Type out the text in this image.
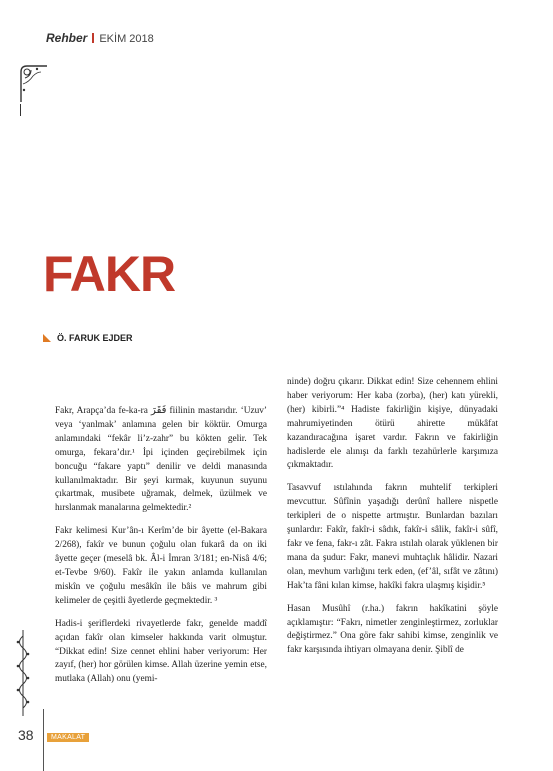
Rehber EKİM 2018
FAKR
Ö. FARUK EJDER

Fakr, Arapça’da fe-ka-ra فَقَرَ fiilinin mastarıdır. ‘Uzuv’ veya ‘yanlmak’ anlamına gelen bir köktür. Omurga anlamındaki “fekâr li’z-zahr” bu kökten gelir. Tek omurga, fekara’dır.¹ İpi içinden geçirebilmek için boncuğu “fakare yaptı” denilir ve deldi manasında kullanılmaktadır. Bir şeyi kırmak, kuyunun suyunu çıkartmak, musibete uğramak, delmek, üzülmek ve hırslanmak manalarına gelmektedir.²

Fakr kelimesi Kur’ân-ı Kerîm’de bir âyette (el-Bakara 2/268), fakîr ve bunun çoğulu olan fukarâ da on iki âyette geçer (meselâ bk. Âl-i İmran 3/181; en-Nisâ 4/6; et-Tevbe 9/60). Fakîr ile yakın anlamda kullanılan miskîn ve çoğulu mesâkîn ile bâis ve mahrum gibi kelimeler de çeşitli âyetlerde geçmektedir. ³

Hadis-i şeriflerdeki rivayetlerde fakr, genelde maddî açıdan fakîr olan kimseler hakkında varit olmuştur. “Dikkat edin! Size cennet ehlini haber veriyorum: Her zayıf, (her) hor görülen kimse. Allah üzerine yemin etse, mutlaka (Allah) onu (yemi-

ninde) doğru çıkarır. Dikkat edin! Size cehennem ehlini haber veriyorum: Her kaba (zorba), (her) katı yürekli, (her) kibirli.”⁴ Hadiste fakirliğin kişiye, dünyadaki mahrumiyetinden ötürü ahirette mükâfat kazandıracağına işaret vardır. Fakrın ve fakirliğin hadislerde ele alınışı da farklı tezahürlerle karşımıza çıkmaktadır.

Tasavvuf ıstılahında fakrın muhtelif terkipleri mevcuttur. Sûfînin yaşadığı derûnî hallere nispetle terkipleri de o nispette artmıştır. Bunlardan bazıları şunlardır: Fakîr, fakîr-i sâdık, fakîr-i sâlik, fakîr-i sûfî, fakr ve fena, fakr-ı zât. Fakra ıstılah olarak yüklenen bir mana da şudur: Fakr, manevi muhtaçlık hâlidir. Nazari olan, mevhum varlığını terk eden, (ef’âl, sıfât ve zâtını) Hak’ta fâni kılan kimse, hakîki fakra ulaşmış kişidir.⁵

Hasan Musûhî (r.ha.) fakrın hakîkatini şöyle açıklamıştır: “Fakrı, nimetler zenginleştirmez, zorluklar değiştirmez.” Ona göre fakr sahibi kimse, zenginlik ve fakr karşısında ihtiyarı olmayana denir. Şiblî de

38	MAKALAT
